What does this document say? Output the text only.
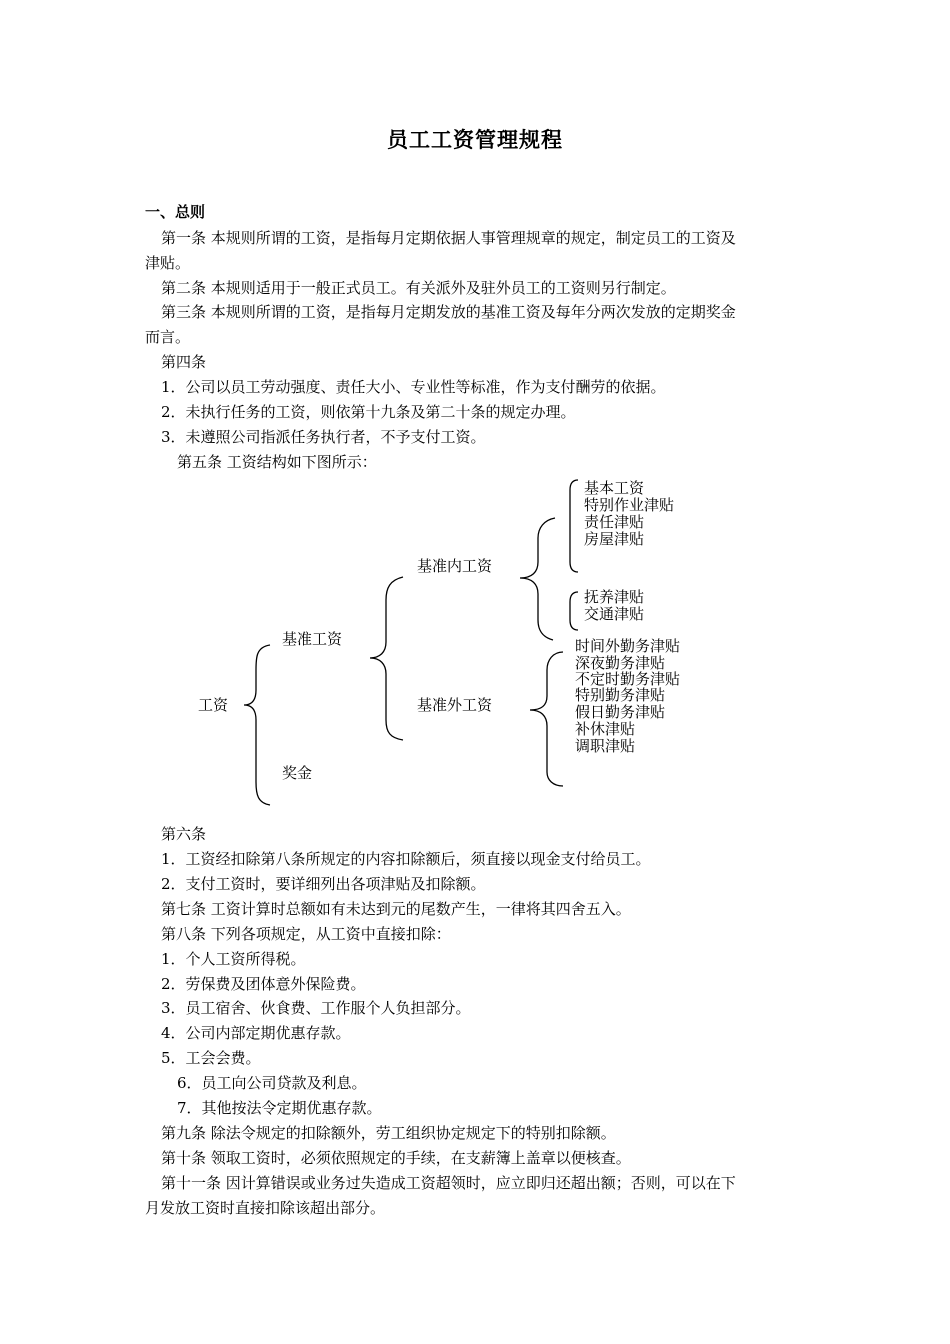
员工工资管理规程
一、总则
第一条 本规则所谓的工资，是指每月定期依据人事管理规章的规定，制定员工的工资及
津贴。
第二条 本规则适用于一般正式员工。有关派外及驻外员工的工资则另行制定。
第三条 本规则所谓的工资，是指每月定期发放的基准工资及每年分两次发放的定期奖金
而言。
第四条
1．公司以员工劳动强度、责任大小、专业性等标准，作为支付酬劳的依据。
2．未执行任务的工资，则依第十九条及第二十条的规定办理。
3．未遵照公司指派任务执行者，不予支付工资。
第五条 工资结构如下图所示：
工资
基准工资
奖金
基准内工资
基准外工资
基本工资
特别作业津贴
责任津贴
房屋津贴
抚养津贴
交通津贴
时间外勤务津贴
深夜勤务津贴
不定时勤务津贴
特别勤务津贴
假日勤务津贴
补休津贴
调职津贴
第六条
1．工资经扣除第八条所规定的内容扣除额后，须直接以现金支付给员工。
2．支付工资时，要详细列出各项津贴及扣除额。
第七条 工资计算时总额如有未达到元的尾数产生，一律将其四舍五入。
第八条 下列各项规定，从工资中直接扣除：
1．个人工资所得税。
2．劳保费及团体意外保险费。
3．员工宿舍、伙食费、工作服个人负担部分。
4．公司内部定期优惠存款。
5．工会会费。
6．员工向公司贷款及利息。
7．其他按法令定期优惠存款。
第九条 除法令规定的扣除额外，劳工组织协定规定下的特别扣除额。
第十条 领取工资时，必须依照规定的手续，在支薪簿上盖章以便核查。
第十一条 因计算错误或业务过失造成工资超领时，应立即归还超出额；否则，可以在下
月发放工资时直接扣除该超出部分。
